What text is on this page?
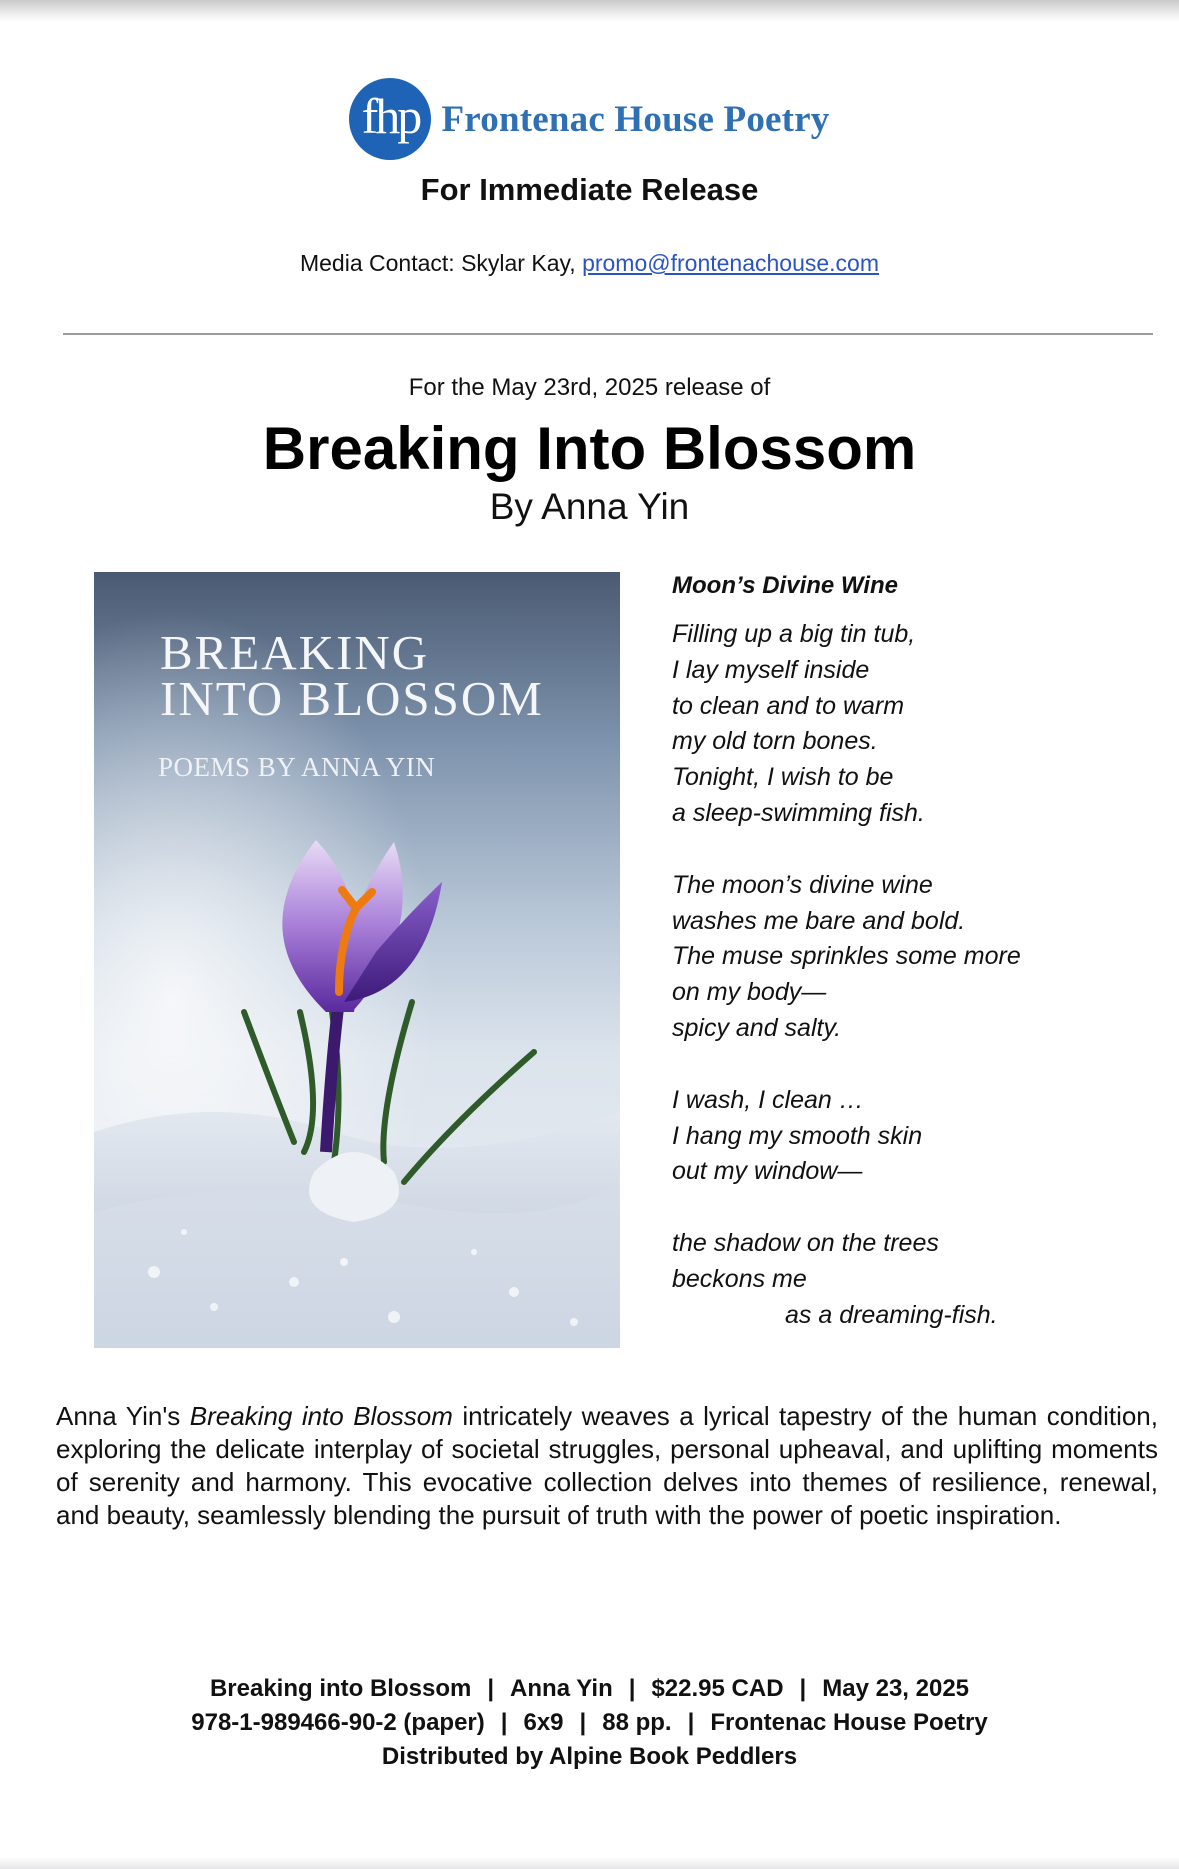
fhp Frontenac House Poetry
For Immediate Release
Media Contact: Skylar Kay, promo@frontenachouse.com
For the May 23rd, 2025 release of
Breaking Into Blossom
By Anna Yin
BREAKING
INTO BLOSSOM
POEMS BY ANNA YIN
Moon’s Divine Wine
Filling up a big tin tub,
I lay myself inside
to clean and to warm
my old torn bones.
Tonight, I wish to be
a sleep-swimming fish.
The moon’s divine wine
washes me bare and bold.
The muse sprinkles some more
on my body—
spicy and salty.
I wash, I clean …
I hang my smooth skin
out my window—
the shadow on the trees
beckons me
as a dreaming-fish.
Anna Yin's Breaking into Blossom intricately weaves a lyrical tapestry of the human condition, exploring the delicate interplay of societal struggles, personal upheaval, and uplifting moments of serenity and harmony. This evocative collection delves into themes of resilience, renewal, and beauty, seamlessly blending the pursuit of truth with the power of poetic inspiration.
Breaking into Blossom | Anna Yin | $22.95 CAD | May 23, 2025
978-1-989466-90-2 (paper) | 6x9 | 88 pp. | Frontenac House Poetry
Distributed by Alpine Book Peddlers
